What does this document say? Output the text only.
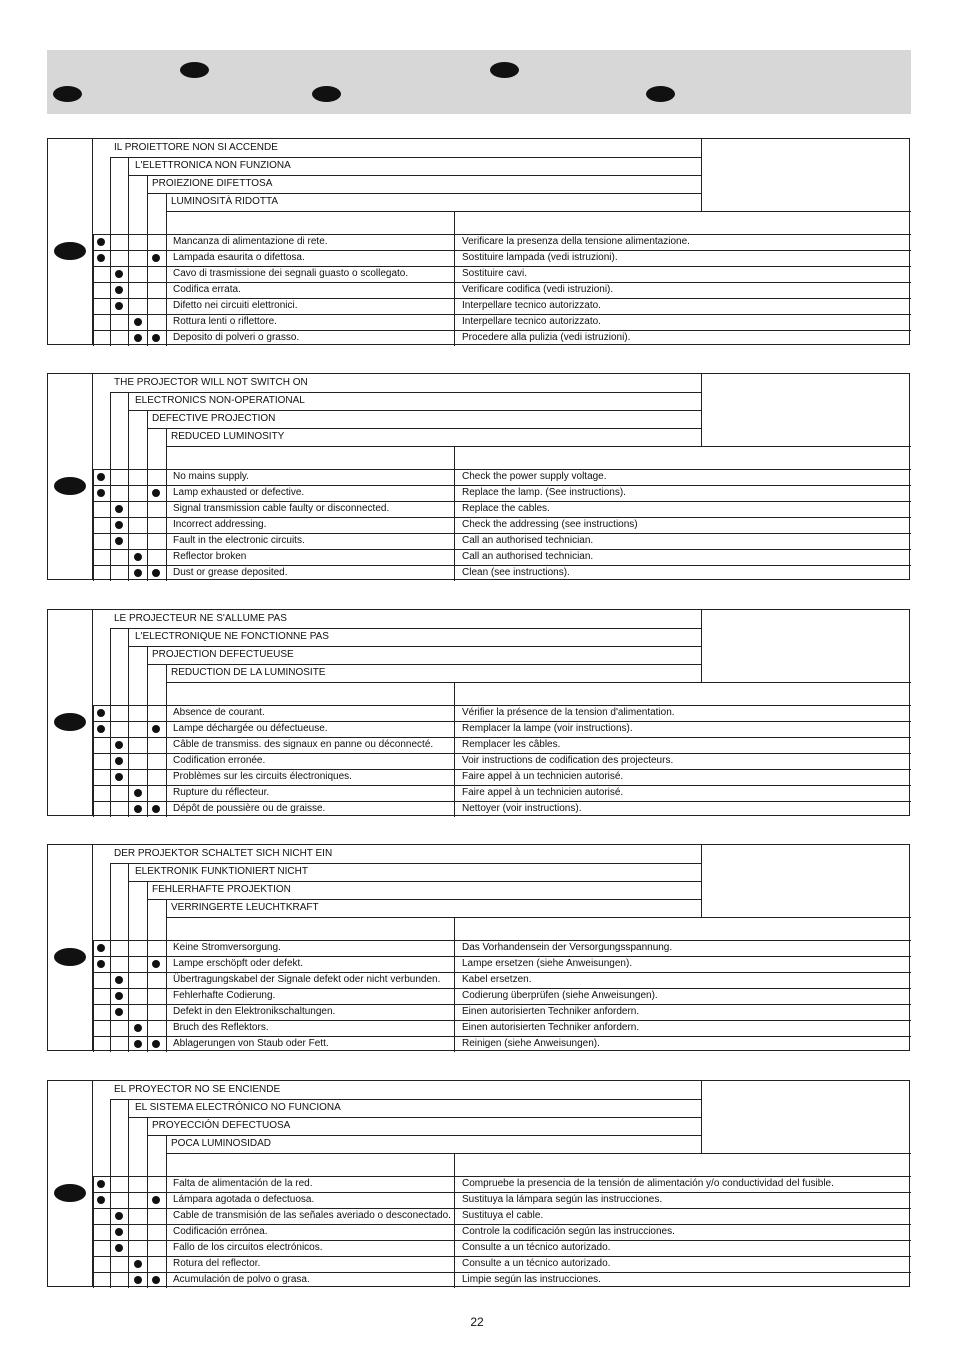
IL PROIETTORE NON SI ACCENDE
L'ELETTRONICA NON FUNZIONA
PROIEZIONE DIFETTOSA
LUMINOSITÀ RIDOTTA
Mancanza di alimentazione di rete.	Verificare la presenza della tensione alimentazione.
Lampada esaurita o difettosa.	Sostituire lampada (vedi istruzioni).
Cavo di trasmissione dei segnali guasto o scollegato.	Sostituire cavi.
Codifica errata.	Verificare codifica (vedi istruzioni).
Difetto nei circuiti elettronici.	Interpellare tecnico autorizzato.
Rottura lenti o riflettore.	Interpellare tecnico autorizzato.
Deposito di polveri o grasso.	Procedere alla pulizia (vedi istruzioni).
THE PROJECTOR WILL NOT SWITCH ON
ELECTRONICS NON-OPERATIONAL
DEFECTIVE PROJECTION
REDUCED LUMINOSITY
No mains supply.	Check the power supply voltage.
Lamp exhausted or defective.	Replace the lamp. (See instructions).
Signal transmission cable faulty or disconnected.	Replace the cables.
Incorrect addressing.	Check the addressing (see instructions)
Fault in the electronic circuits.	Call an authorised technician.
Reflector broken	Call an authorised technician.
Dust or grease deposited.	Clean (see instructions).
LE PROJECTEUR NE S'ALLUME PAS
L'ELECTRONIQUE NE FONCTIONNE PAS
PROJECTION DEFECTUEUSE
REDUCTION DE LA LUMINOSITE
Absence de courant.	Vérifier la présence de la tension d'alimentation.
Lampe déchargée ou défectueuse.	Remplacer la lampe (voir instructions).
Câble de transmiss. des signaux en panne ou déconnecté.	Remplacer les câbles.
Codification erronée.	Voir instructions de codification des projecteurs.
Problèmes sur les circuits électroniques.	Faire appel à un technicien autorisé.
Rupture du réflecteur.	Faire appel à un technicien autorisé.
Dépôt de poussière ou de graisse.	Nettoyer (voir instructions).
DER PROJEKTOR SCHALTET SICH NICHT EIN
ELEKTRONIK FUNKTIONIERT NICHT
FEHLERHAFTE PROJEKTION
VERRINGERTE LEUCHTKRAFT
Keine Stromversorgung.	Das Vorhandensein der Versorgungsspannung.
Lampe erschöpft oder defekt.	Lampe ersetzen (siehe Anweisungen).
Übertragungskabel der Signale defekt oder nicht verbunden. Kabel ersetzen.
Fehlerhafte Codierung.	Codierung überprüfen (siehe Anweisungen).
Defekt in den Elektronikschaltungen.	Einen autorisierten Techniker anfordern.
Bruch des Reflektors.	Einen autorisierten Techniker anfordern.
Ablagerungen von Staub oder Fett.	Reinigen (siehe Anweisungen).
EL PROYECTOR NO SE ENCIENDE
EL SISTEMA ELECTRÓNICO NO FUNCIONA
PROYECCIÓN DEFECTUOSA
POCA LUMINOSIDAD
Falta de alimentación de la red.	Compruebe la presencia de la tensión de alimentación y/o conductividad del fusible.
Lámpara agotada o defectuosa.	Sustituya la lámpara según las instrucciones.
Cable de transmisión de las señales averiado o desconectado. Sustituya el cable.
Codificación errónea.	Controle la codificación según las instrucciones.
Fallo de los circuitos electrónicos.	Consulte a un técnico autorizado.
Rotura del reflector.	Consulte a un técnico autorizado.
Acumulación de polvo o grasa.	Limpie según las instrucciones.
22
